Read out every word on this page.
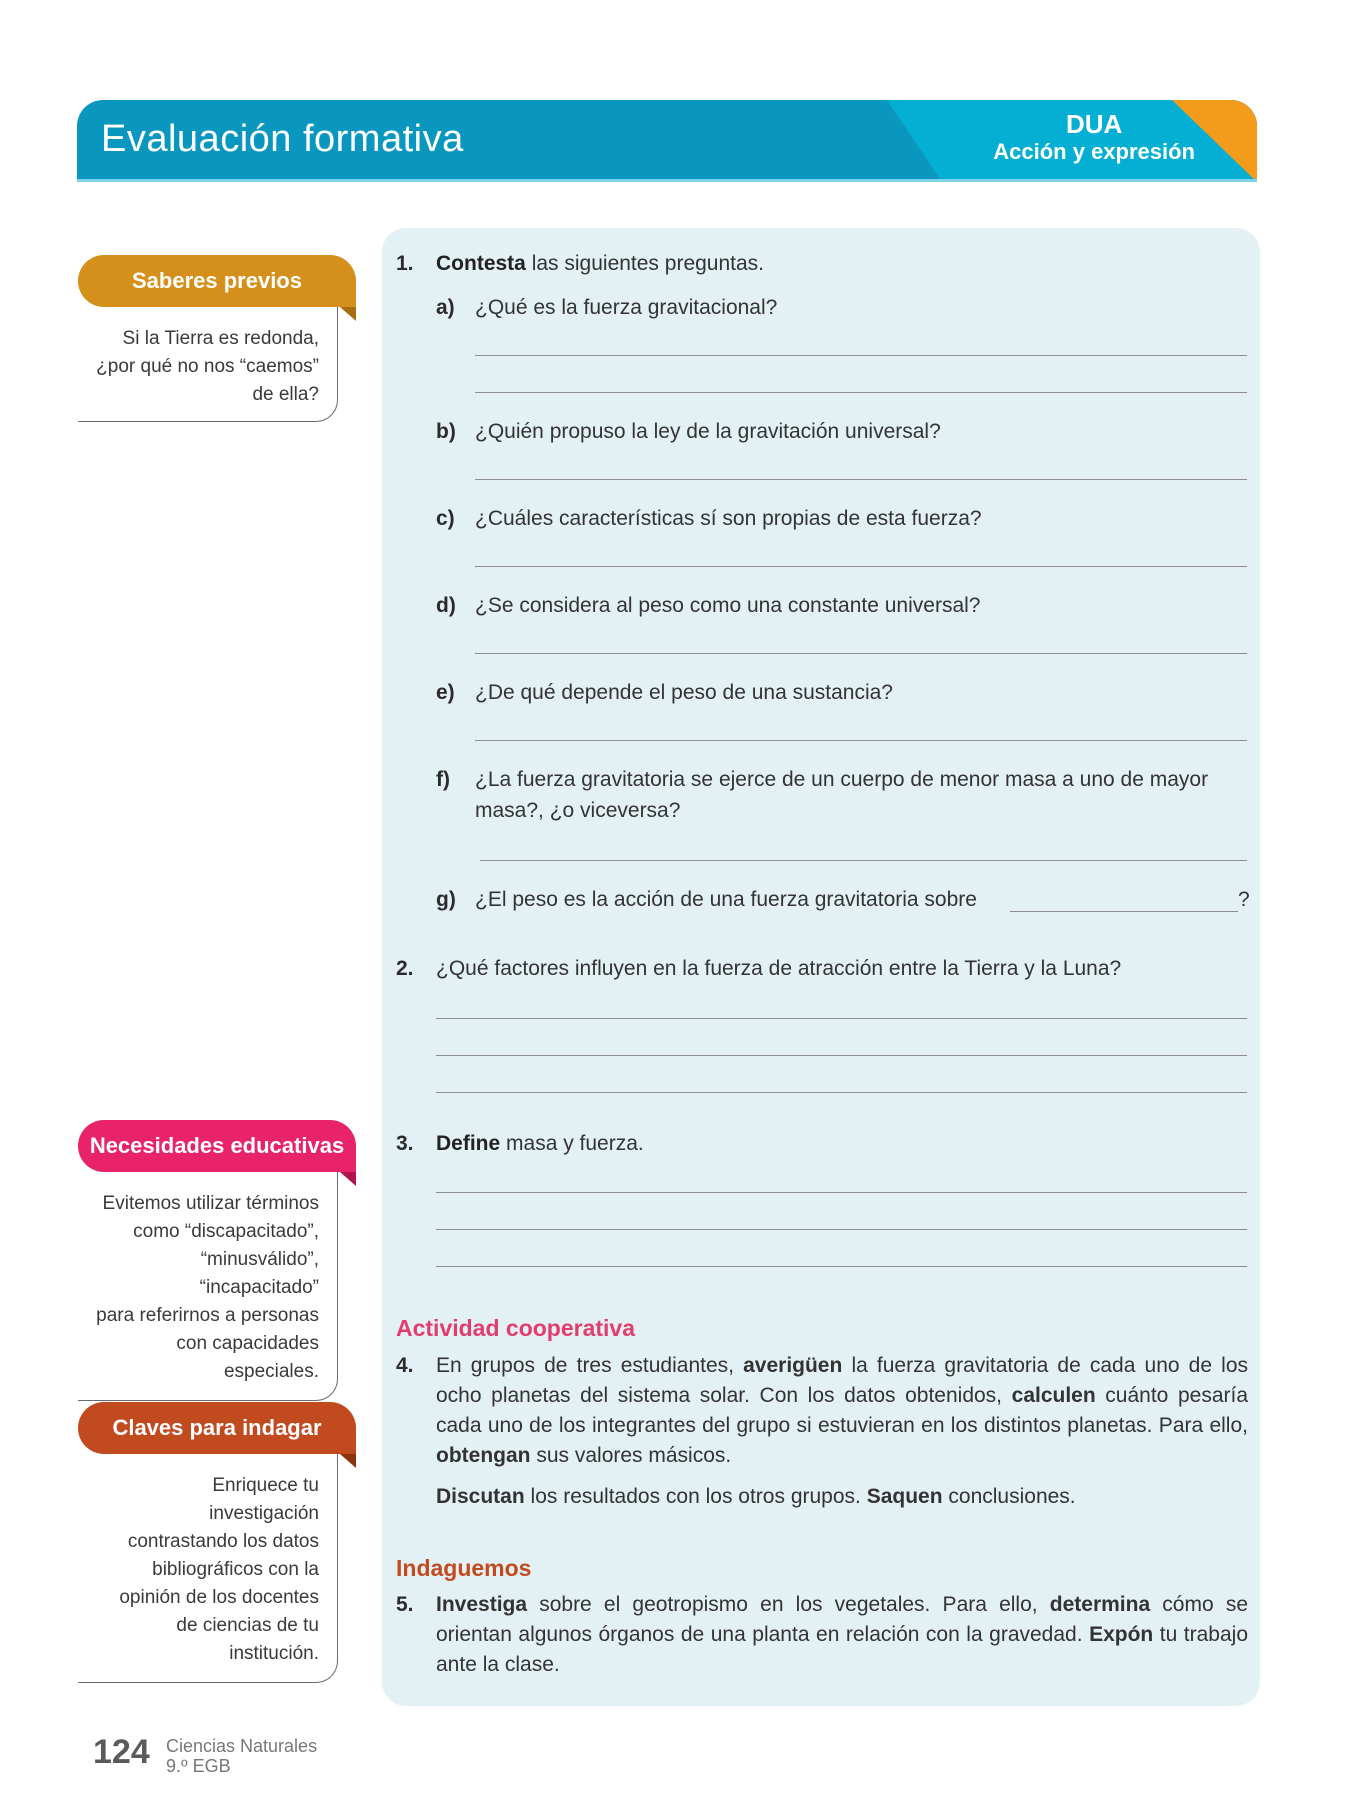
Evaluación formativa	DUA
Acción y expresión
Saberes previos
Si la Tierra es redonda,
¿por qué no nos “caemos”
de ella?
Necesidades educativas
Evitemos utilizar términos
como “discapacitado”,
“minusválido”, “incapacitado”
para referirnos a personas
con capacidades
especiales.
Claves para indagar
Enriquece tu
investigación
contrastando los datos
bibliográficos con la
opinión de los docentes
de ciencias de tu
institución.
1. Contesta las siguientes preguntas.
a) ¿Qué es la fuerza gravitacional?
b) ¿Quién propuso la ley de la gravitación universal?
c) ¿Cuáles características sí son propias de esta fuerza?
d) ¿Se considera al peso como una constante universal?
e) ¿De qué depende el peso de una sustancia?
f) ¿La fuerza gravitatoria se ejerce de un cuerpo de menor masa a uno de mayor
masa?, ¿o viceversa?
g) ¿El peso es la acción de una fuerza gravitatoria sobre	?
2. ¿Qué factores influyen en la fuerza de atracción entre la Tierra y la Luna?
3. Define masa y fuerza.
Actividad cooperativa
4. En grupos de tres estudiantes, averigüen la fuerza gravitatoria de cada uno de los ocho planetas del sistema solar. Con los datos obtenidos, calculen cuánto pesaría cada uno de los integrantes del grupo si estuvieran en los distintos planetas. Para ello, obtengan sus valores másicos.
Discutan los resultados con los otros grupos. Saquen conclusiones.
Indaguemos
5. Investiga sobre el geotropismo en los vegetales. Para ello, determina cómo se orientan algunos órganos de una planta en relación con la gravedad. Expón tu trabajo ante la clase.
124 Ciencias Naturales
9.º EGB
